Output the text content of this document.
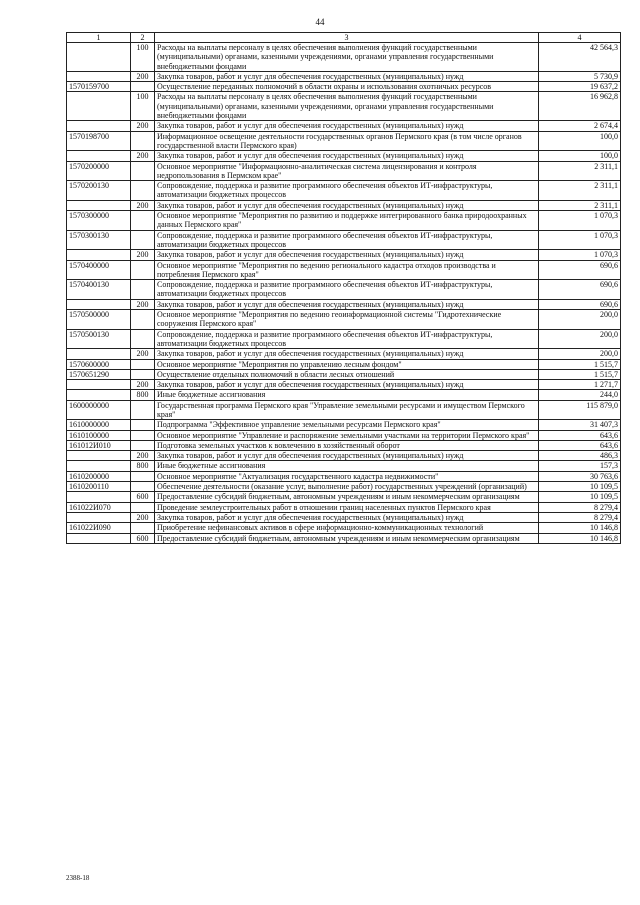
44
1	2	3	4
	100	Расходы на выплаты персоналу в целях обеспечения выполнения функций государственными (муниципальными) органами, казенными учреждениями, органами управления государственными внебюджетными фондами	42 564,3
	200	Закупка товаров, работ и услуг для обеспечения государственных (муниципальных) нужд	5 730,9
1570159700		Осуществление переданных полномочий в области охраны и использования охотничьих ресурсов	19 637,2
	100	Расходы на выплаты персоналу в целях обеспечения выполнения функций государственными (муниципальными) органами, казенными учреждениями, органами управления государственными внебюджетными фондами	16 962,8
	200	Закупка товаров, работ и услуг для обеспечения государственных (муниципальных) нужд	2 674,4
1570198700		Информационное освещение деятельности государственных органов Пермского края (в том числе органов государственной власти Пермского края)	100,0
	200	Закупка товаров, работ и услуг для обеспечения государственных (муниципальных) нужд	100,0
1570200000		Основное мероприятие "Информационно-аналитическая система лицензирования и контроля недропользования в Пермском крае"	2 311,1
1570200130		Сопровождение, поддержка и развитие программного обеспечения объектов ИТ-инфраструктуры, автоматизации бюджетных процессов	2 311,1
	200	Закупка товаров, работ и услуг для обеспечения государственных (муниципальных) нужд	2 311,1
1570300000		Основное мероприятие "Мероприятия по развитию и поддержке интегрированного банка природоохранных данных Пермского края"	1 070,3
1570300130		Сопровождение, поддержка и развитие программного обеспечения объектов ИТ-инфраструктуры, автоматизации бюджетных процессов	1 070,3
	200	Закупка товаров, работ и услуг для обеспечения государственных (муниципальных) нужд	1 070,3
1570400000		Основное мероприятие "Мероприятия по ведению регионального кадастра отходов производства и потребления Пермского края"	690,6
1570400130		Сопровождение, поддержка и развитие программного обеспечения объектов ИТ-инфраструктуры, автоматизации бюджетных процессов	690,6
	200	Закупка товаров, работ и услуг для обеспечения государственных (муниципальных) нужд	690,6
1570500000		Основное мероприятие "Мероприятия по ведению геоинформационной системы "Гидротехнические сооружения Пермского края"	200,0
1570500130		Сопровождение, поддержка и развитие программного обеспечения объектов ИТ-инфраструктуры, автоматизации бюджетных процессов	200,0
	200	Закупка товаров, работ и услуг для обеспечения государственных (муниципальных) нужд	200,0
1570600000		Основное мероприятие "Мероприятия по управлению лесным фондом"	1 515,7
1570651290		Осуществление отдельных полномочий в области лесных отношений	1 515,7
	200	Закупка товаров, работ и услуг для обеспечения государственных (муниципальных) нужд	1 271,7
	800	Иные бюджетные ассигнования	244,0
1600000000		Государственная программа Пермского края "Управление земельными ресурсами и имуществом Пермского края"	115 879,0
1610000000		Подпрограмма "Эффективное управление земельными ресурсами Пермского края"	31 407,3
1610100000		Основное мероприятие "Управление и распоряжение земельными участками на территории Пермского края"	643,6
161012И010		Подготовка земельных участков к вовлечению в хозяйственный оборот	643,6
	200	Закупка товаров, работ и услуг для обеспечения государственных (муниципальных) нужд	486,3
	800	Иные бюджетные ассигнования	157,3
1610200000		Основное мероприятие "Актуализация государственного кадастра недвижимости"	30 763,6
1610200110		Обеспечение деятельности (оказание услуг, выполнение работ) государственных учреждений (организаций)	10 109,5
	600	Предоставление субсидий бюджетным, автономным учреждениям и иным некоммерческим организациям	10 109,5
161022И070		Проведение землеустроительных работ в отношении границ населенных пунктов Пермского края	8 279,4
	200	Закупка товаров, работ и услуг для обеспечения государственных (муниципальных) нужд	8 279,4
161022И090		Приобретение нефинансовых активов в сфере информационно-коммуникационных технологий	10 146,8
	600	Предоставление субсидий бюджетным, автономным учреждениям и иным некоммерческим организациям	10 146,8
2388-18
